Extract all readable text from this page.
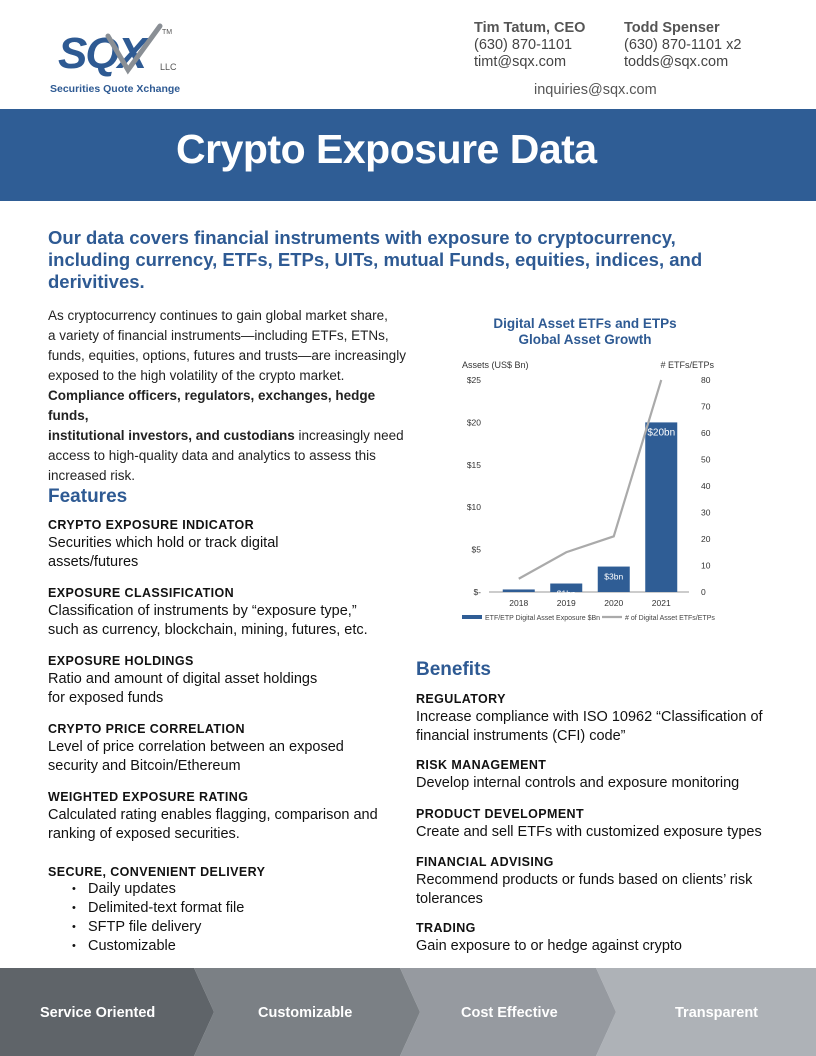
SQX	TM
LLC
Securities Quote Xchange
Tim Tatum, CEO
(630) 870-1101
timt@sqx.com
Todd Spenser
(630) 870-1101 x2
todds@sqx.com
inquiries@sqx.com
Crypto Exposure Data
Our data covers financial instruments with exposure to cryptocurrency, including currency, ETFs, ETPs, UITs, mutual Funds, equities, indices, and derivitives.
As cryptocurrency continues to gain global market share,
a variety of financial instruments—including ETFs, ETNs,
funds, equities, options, futures and trusts—are increasingly
exposed to the high volatility of the crypto market.
Compliance officers, regulators, exchanges, hedge funds,
institutional investors, and custodians increasingly need
access to high-quality data and analytics to assess this
increased risk.
Features
CRYPTO EXPOSURE INDICATOR
Securities which hold or track digital
assets/futures
EXPOSURE CLASSIFICATION
Classification of instruments by “exposure type,”
such as currency, blockchain, mining, futures, etc.
EXPOSURE HOLDINGS
Ratio and amount of digital asset holdings
for exposed funds
CRYPTO PRICE CORRELATION
Level of price correlation between an exposed
security and Bitcoin/Ethereum
WEIGHTED EXPOSURE RATING
Calculated rating enables flagging, comparison and
ranking of exposed securities.
SECURE, CONVENIENT DELIVERY
• Daily updates
• Delimited-text format file
• SFTP file delivery
• Customizable
Digital Asset ETFs and ETPs
Global Asset Growth
Assets (US$ Bn)	# ETFs/ETPs
$25
$20
$15
$10
$5
$-
80
70
60
50
40
30
20
10
0
2018	2019
$1bn
2020
$3bn
2021
$20bn
ETF/ETP Digital Asset Exposure $Bn	# of Digital Asset ETFs/ETPs
Benefits
REGULATORY
Increase compliance with ISO 10962 “Classification of
financial instruments (CFI) code”
RISK MANAGEMENT
Develop internal controls and exposure monitoring
PRODUCT DEVELOPMENT
Create and sell ETFs with customized exposure types
FINANCIAL ADVISING
Recommend products or funds based on clients’ risk
tolerances
TRADING
Gain exposure to or hedge against crypto
Service Oriented	Customizable	Cost Effective	Transparent
